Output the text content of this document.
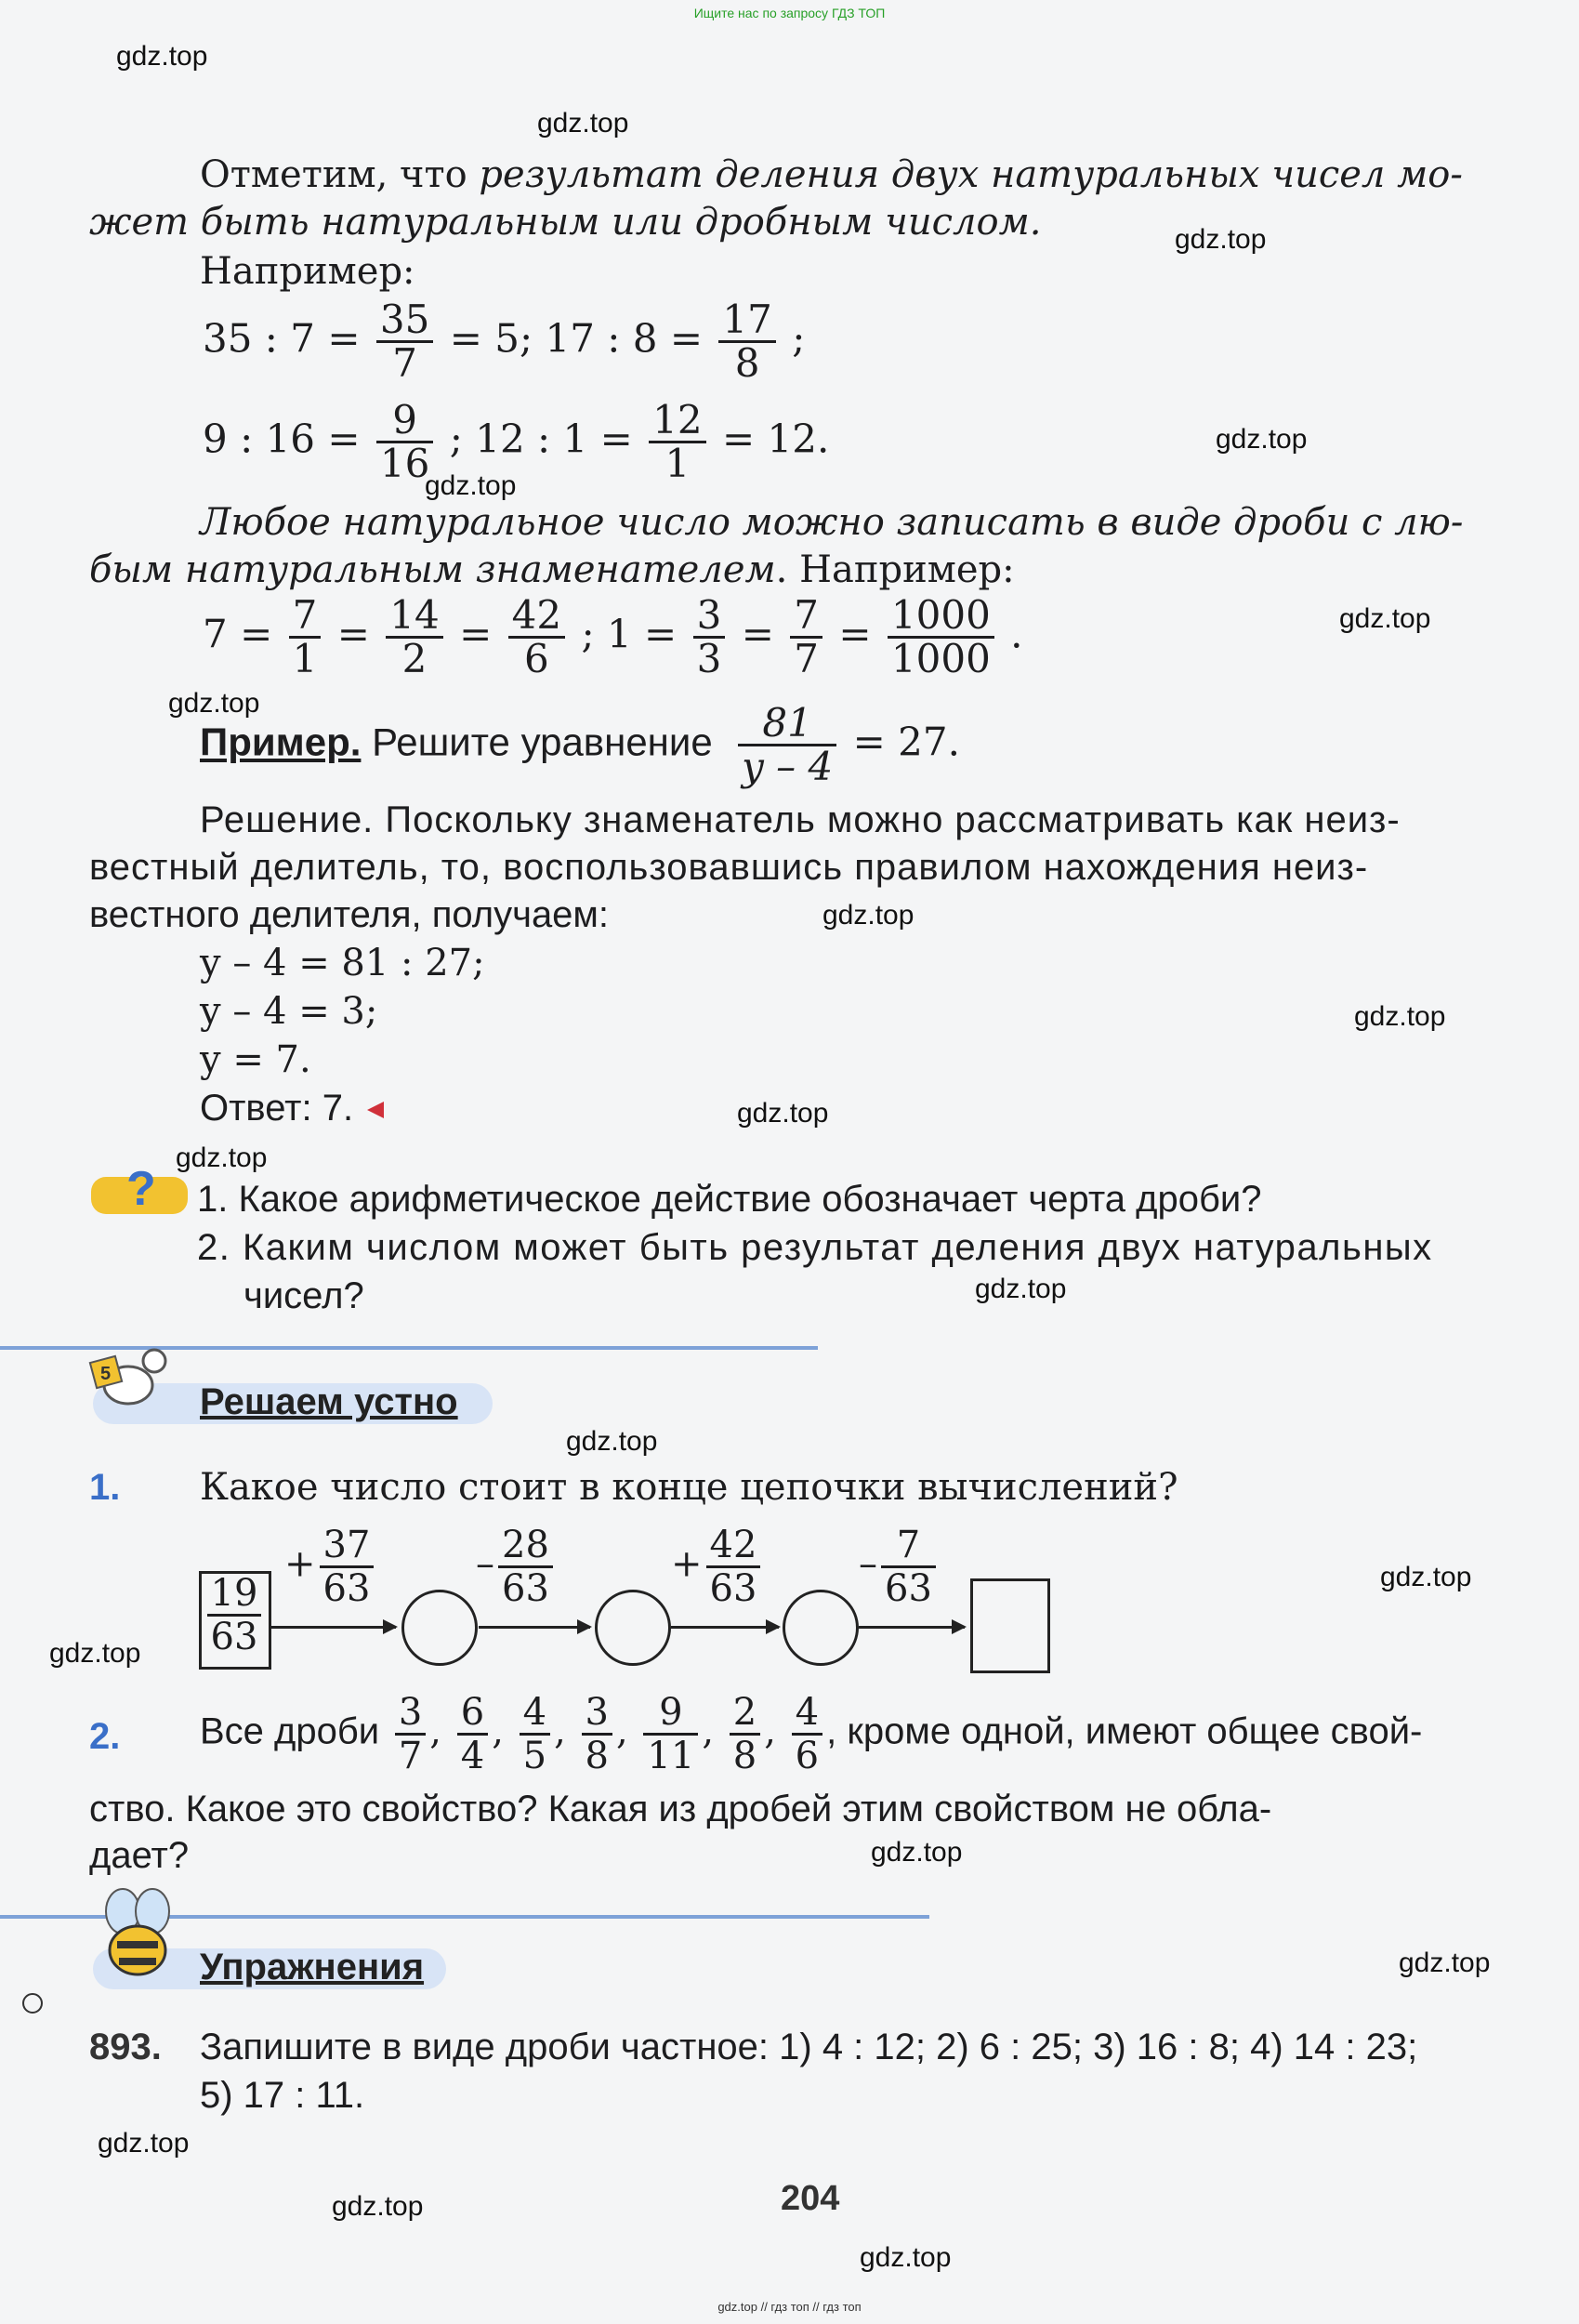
Ищите нас по запросу ГДЗ ТОП
gdz.top
gdz.top
gdz.top
gdz.top
gdz.top
gdz.top
gdz.top
gdz.top
gdz.top
gdz.top
gdz.top
gdz.top
gdz.top
gdz.top
gdz.top
gdz.top
gdz.top
gdz.top
gdz.top
gdz.top
Отметим, что результат деления двух натуральных чисел мо-
жет быть натуральным или дробным числом.
Например:
35 : $7 = \frac{35}{7} = 5$; 17 : $8 = \frac{17}{8}$ ;
9 : $16 = \frac{9}{16}$ ; 12 : $1 = \frac{12}{1} = 12$.
Любое натуральное число можно записать в виде дроби с лю-
бым натуральным знаменателем. Например:
$7 = \frac{7}{1} = \frac{14}{2} = \frac{42}{6}$ ; $1 = \frac{3}{3} = \frac{7}{7} = \frac{1000}{1000}$ .
Пример. Решите уравнение $\frac{81}{y - 4} = 27$.
Решение. Поскольку знаменатель можно рассматривать как неиз-
вестный делитель, то, воспользовавшись правилом нахождения неиз-
вестного делителя, получаем:
y – 4 = 81 : 27;
y – 4 = 3;
y = 7.
Ответ: 7.
? 1. Какое арифметическое действие обозначает черта дроби?
2. Каким числом может быть результат деления двух натуральных
чисел?
5
Решаем устно
1. Какое число стоит в конце цепочки вычислений?
$\frac{19}{63}$
+ $\frac{37}{63}$	– $\frac{28}{63}$	+ $\frac{42}{63}$	– $\frac{7}{63}$
2. Все дроби $\frac{3}{7}$ , $\frac{6}{4}$ , $\frac{4}{5}$ , $\frac{3}{8}$ , $\frac{9}{11}$ , $\frac{2}{8}$ , $\frac{4}{6}$ , кроме одной, имеют общее свой-
ство. Какое это свойство? Какая из дробей этим свойством не обла-
дает?
Упражнения
893. Запишите в виде дроби частное: 1) 4 : 12; 2) 6 : 25; 3) 16 : 8; 4) 14 : 23;
5) 17 : 11.
204
gdz.top // гдз топ // гдз топ
